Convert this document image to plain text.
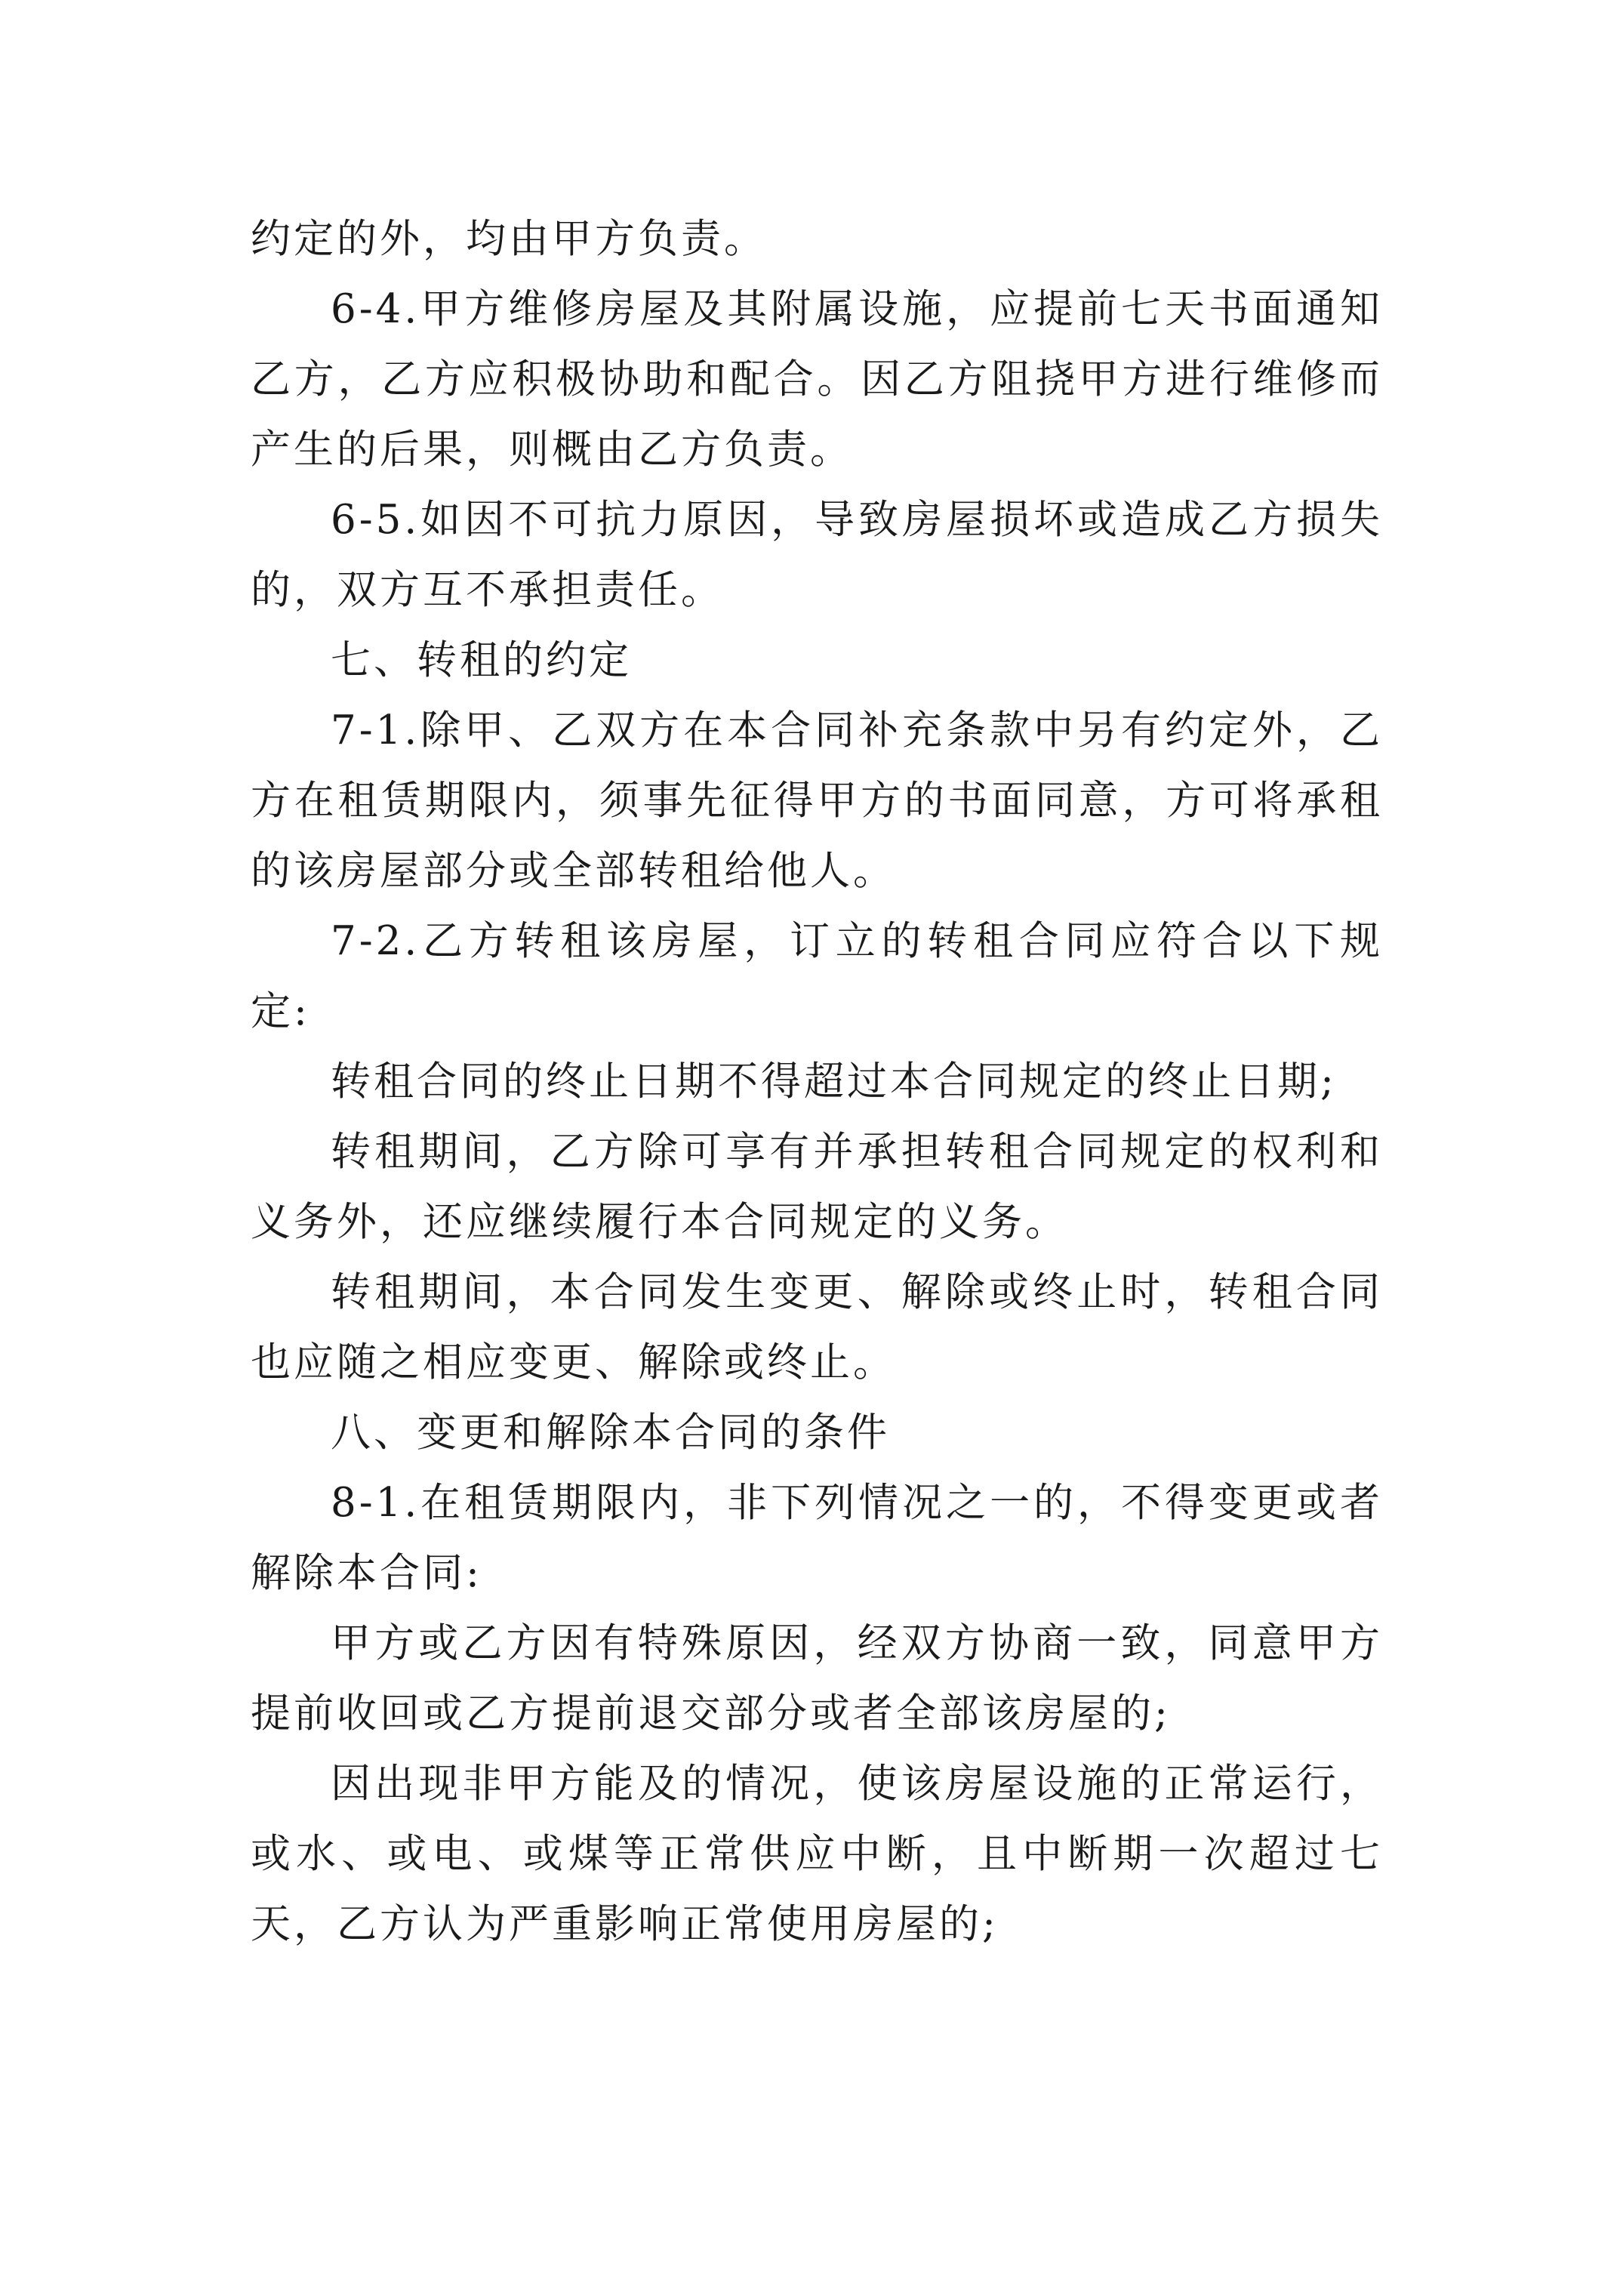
约定的外，均由甲方负责。

6-4.甲方维修房屋及其附属设施，应提前七天书面通知乙方，乙方应积极协助和配合。因乙方阻挠甲方进行维修而产生的后果，则概由乙方负责。

6-5.如因不可抗力原因，导致房屋损坏或造成乙方损失的，双方互不承担责任。

七、转租的约定

7-1.除甲、乙双方在本合同补充条款中另有约定外，乙方在租赁期限内，须事先征得甲方的书面同意，方可将承租的该房屋部分或全部转租给他人。

7-2.乙方转租该房屋，订立的转租合同应符合以下规定:

转租合同的终止日期不得超过本合同规定的终止日期;

转租期间，乙方除可享有并承担转租合同规定的权利和义务外，还应继续履行本合同规定的义务。

转租期间，本合同发生变更、解除或终止时，转租合同也应随之相应变更、解除或终止。

八、变更和解除本合同的条件

8-1.在租赁期限内，非下列情况之一的，不得变更或者解除本合同:

甲方或乙方因有特殊原因，经双方协商一致，同意甲方提前收回或乙方提前退交部分或者全部该房屋的;

因出现非甲方能及的情况，使该房屋设施的正常运行，或水、或电、或煤等正常供应中断，且中断期一次超过七天，乙方认为严重影响正常使用房屋的;
